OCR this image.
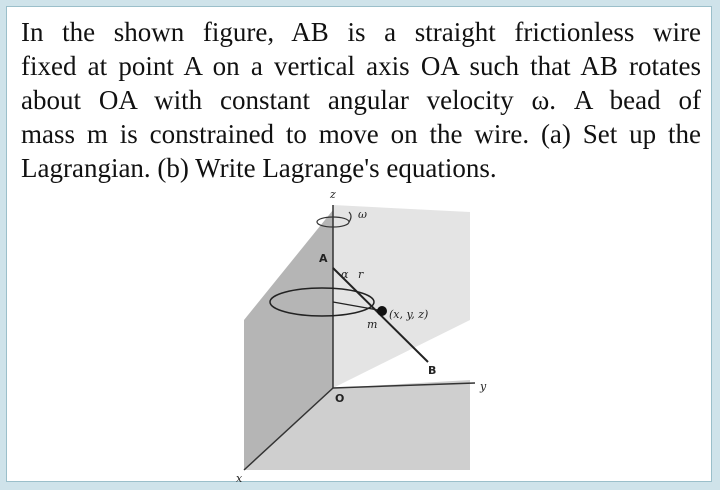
In the shown figure, AB is a straight frictionless wire
fixed at point A on a vertical axis OA such that AB rotates
about OA with constant angular velocity ω. A bead of
mass m is constrained to move on the wire. (a) Set up the
Lagrangian. (b) Write Lagrange's equations.

z
y
x
ω
A
B
O
α r
m
(x, y, z)
